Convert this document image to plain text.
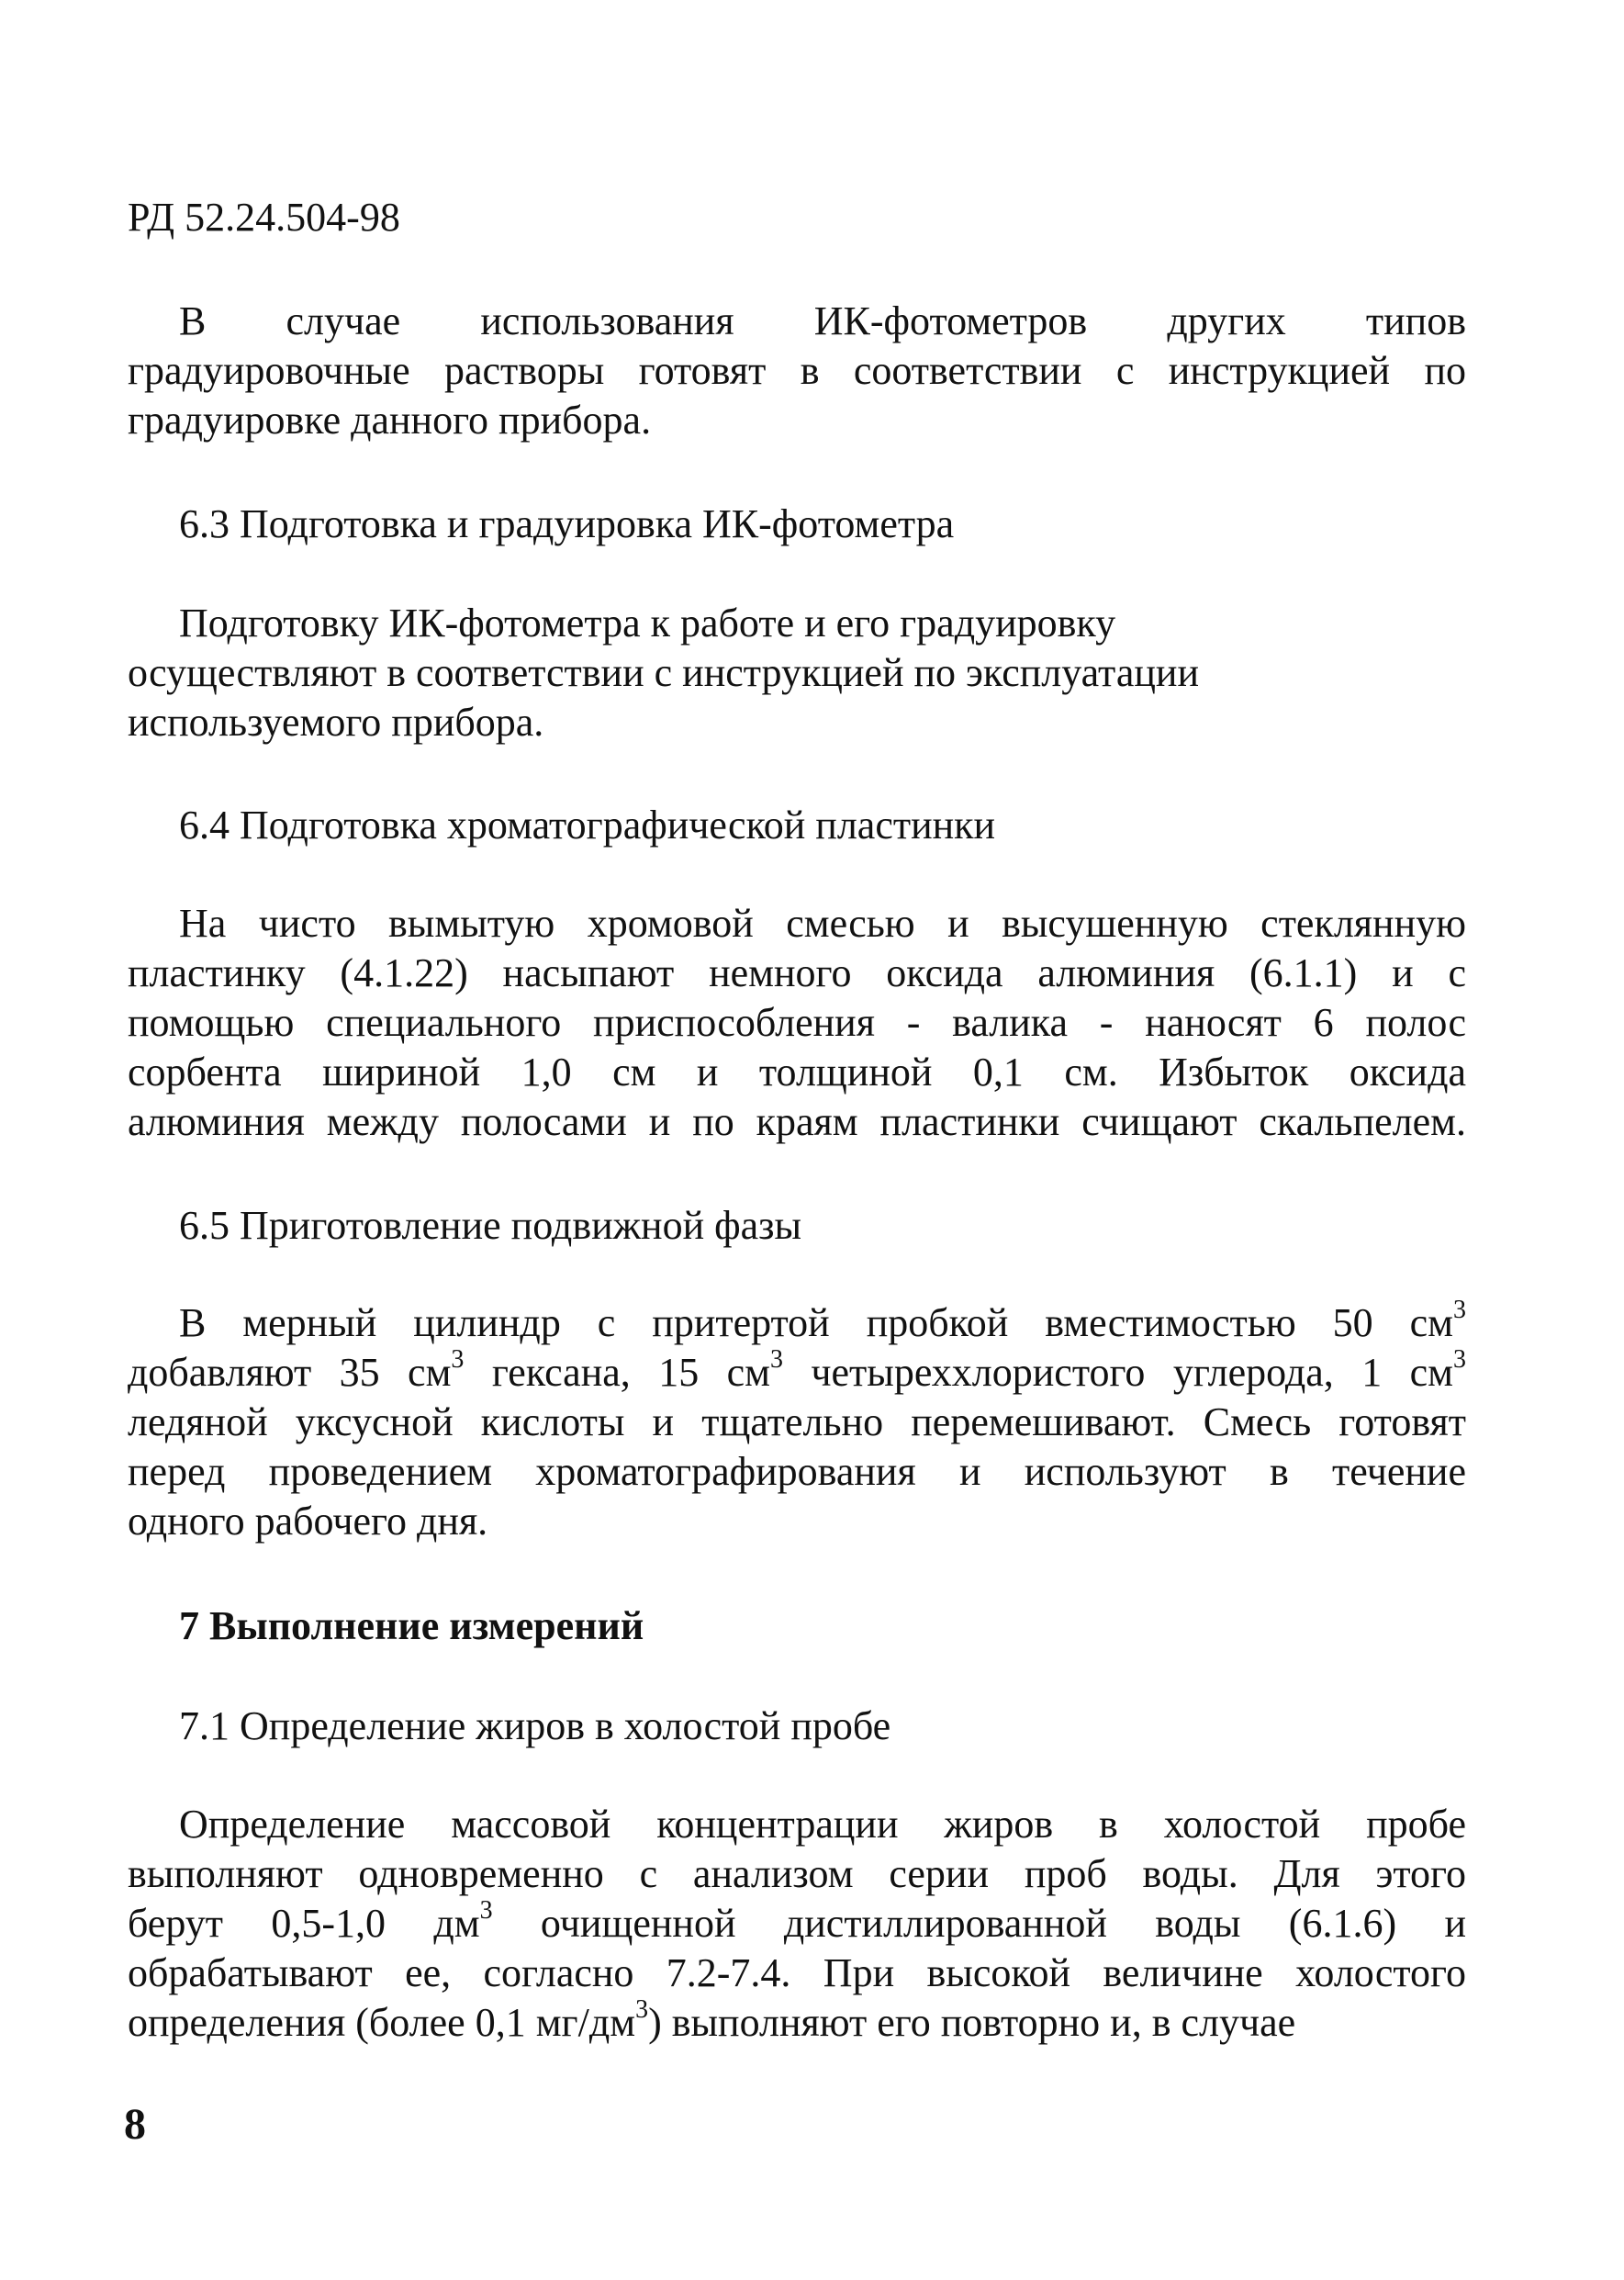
РД 52.24.504-98
В случае использования ИК-фотометров других типов
градуировочные растворы готовят в соответствии с инструкцией по
градуировке данного прибора.
6.3 Подготовка и градуировка ИК-фотометра
Подготовку ИК-фотометра к работе и его градуировку
осуществляют в соответствии с инструкцией по эксплуатации
используемого прибора.
6.4 Подготовка хроматографической пластинки
На чисто вымытую хромовой смесью и высушенную стеклянную
пластинку (4.1.22) насыпают немного оксида алюминия (6.1.1) и с
помощью специального приспособления - валика - наносят 6 полос
сорбента шириной 1,0 см и толщиной 0,1 см. Избыток оксида
алюминия между полосами и по краям пластинки счищают скальпелем.
6.5 Приготовление подвижной фазы
В мерный цилиндр с притертой пробкой вместимостью 50 $см^3$
добавляют 35 $см^3$ гексана, 15 $см^3$ четыреххлористого углерода, 1 $см^3$
ледяной уксусной кислоты и тщательно перемешивают. Смесь готовят
перед проведением хроматографирования и используют в течение
одного рабочего дня.
7 Выполнение измерений
7.1 Определение жиров в холостой пробе
Определение массовой концентрации жиров в холостой пробе
выполняют одновременно с анализом серии проб воды. Для этого
берут 0,5-1,0 $дм^3$ очищенной дистиллированной воды (6.1.6) и
обрабатывают ее, согласно 7.2-7.4. При высокой величине холостого
определения (более 0,1 $мг/дм^3$) выполняют его повторно и, в случае
8
